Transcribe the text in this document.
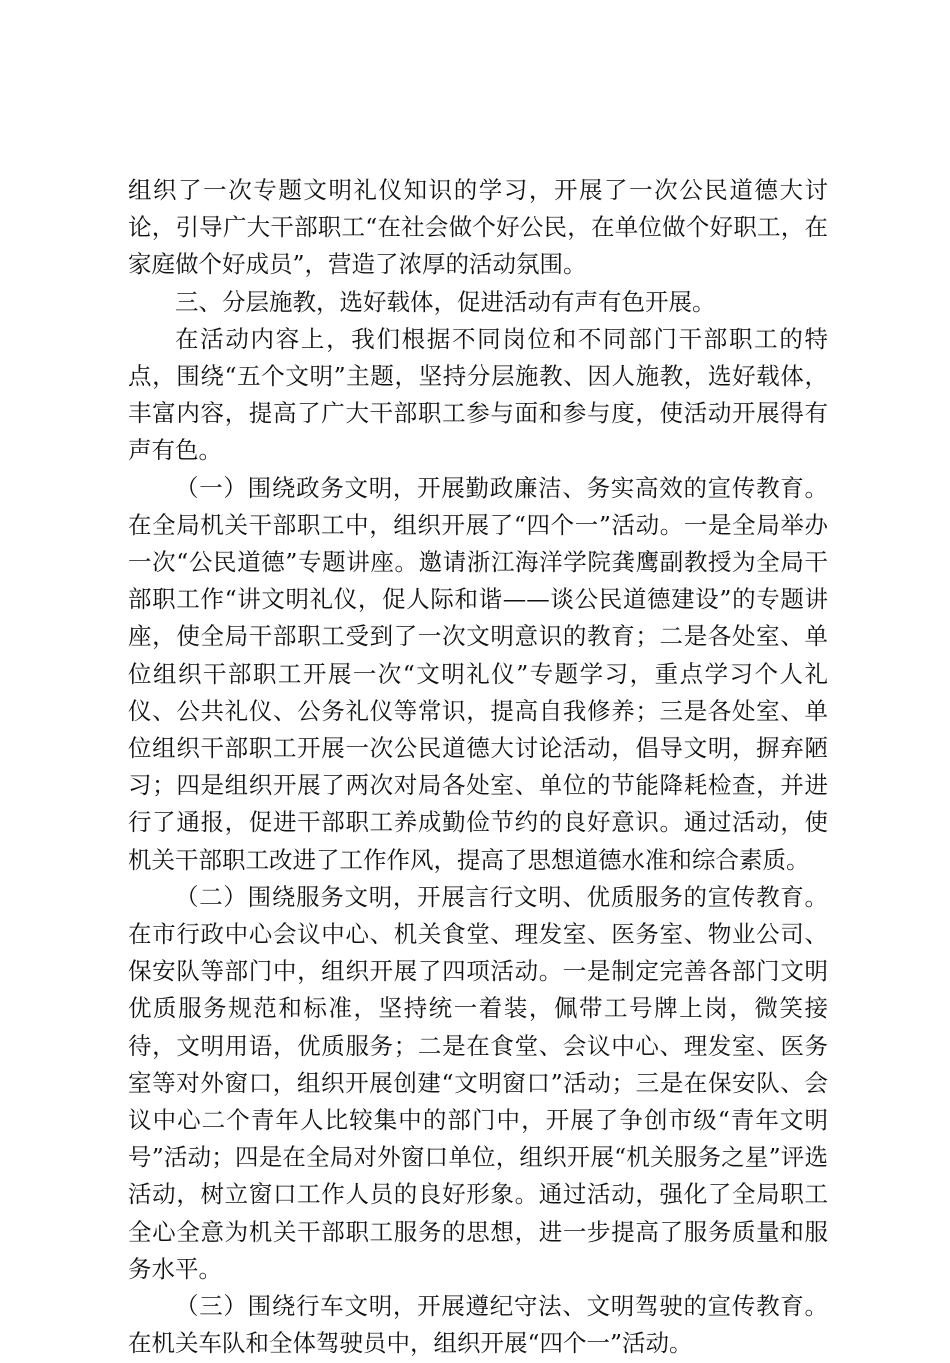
组织了一次专题文明礼仪知识的学习，开展了一次公民道德大讨论，引导广大干部职工“在社会做个好公民，在单位做个好职工，在家庭做个好成员”，营造了浓厚的活动氛围。

三、分层施教，选好载体，促进活动有声有色开展。

在活动内容上，我们根据不同岗位和不同部门干部职工的特点，围绕“五个文明”主题，坚持分层施教、因人施教，选好载体，丰富内容，提高了广大干部职工参与面和参与度，使活动开展得有声有色。

（一）围绕政务文明，开展勤政廉洁、务实高效的宣传教育。在全局机关干部职工中，组织开展了“四个一”活动。一是全局举办一次“公民道德”专题讲座。邀请浙江海洋学院龚鹰副教授为全局干部职工作“讲文明礼仪，促人际和谐——谈公民道德建设”的专题讲座，使全局干部职工受到了一次文明意识的教育；二是各处室、单位组织干部职工开展一次“文明礼仪”专题学习，重点学习个人礼仪、公共礼仪、公务礼仪等常识，提高自我修养；三是各处室、单位组织干部职工开展一次公民道德大讨论活动，倡导文明，摒弃陋习；四是组织开展了两次对局各处室、单位的节能降耗检查，并进行了通报，促进干部职工养成勤俭节约的良好意识。通过活动，使机关干部职工改进了工作作风，提高了思想道德水准和综合素质。

（二）围绕服务文明，开展言行文明、优质服务的宣传教育。在市行政中心会议中心、机关食堂、理发室、医务室、物业公司、保安队等部门中，组织开展了四项活动。一是制定完善各部门文明优质服务规范和标准，坚持统一着装，佩带工号牌上岗，微笑接待，文明用语，优质服务；二是在食堂、会议中心、理发室、医务室等对外窗口，组织开展创建“文明窗口”活动；三是在保安队、会议中心二个青年人比较集中的部门中，开展了争创市级“青年文明号”活动；四是在全局对外窗口单位，组织开展“机关服务之星”评选活动，树立窗口工作人员的良好形象。通过活动，强化了全局职工全心全意为机关干部职工服务的思想，进一步提高了服务质量和服务水平。

（三）围绕行车文明，开展遵纪守法、文明驾驶的宣传教育。在机关车队和全体驾驶员中，组织开展“四个一”活动。
